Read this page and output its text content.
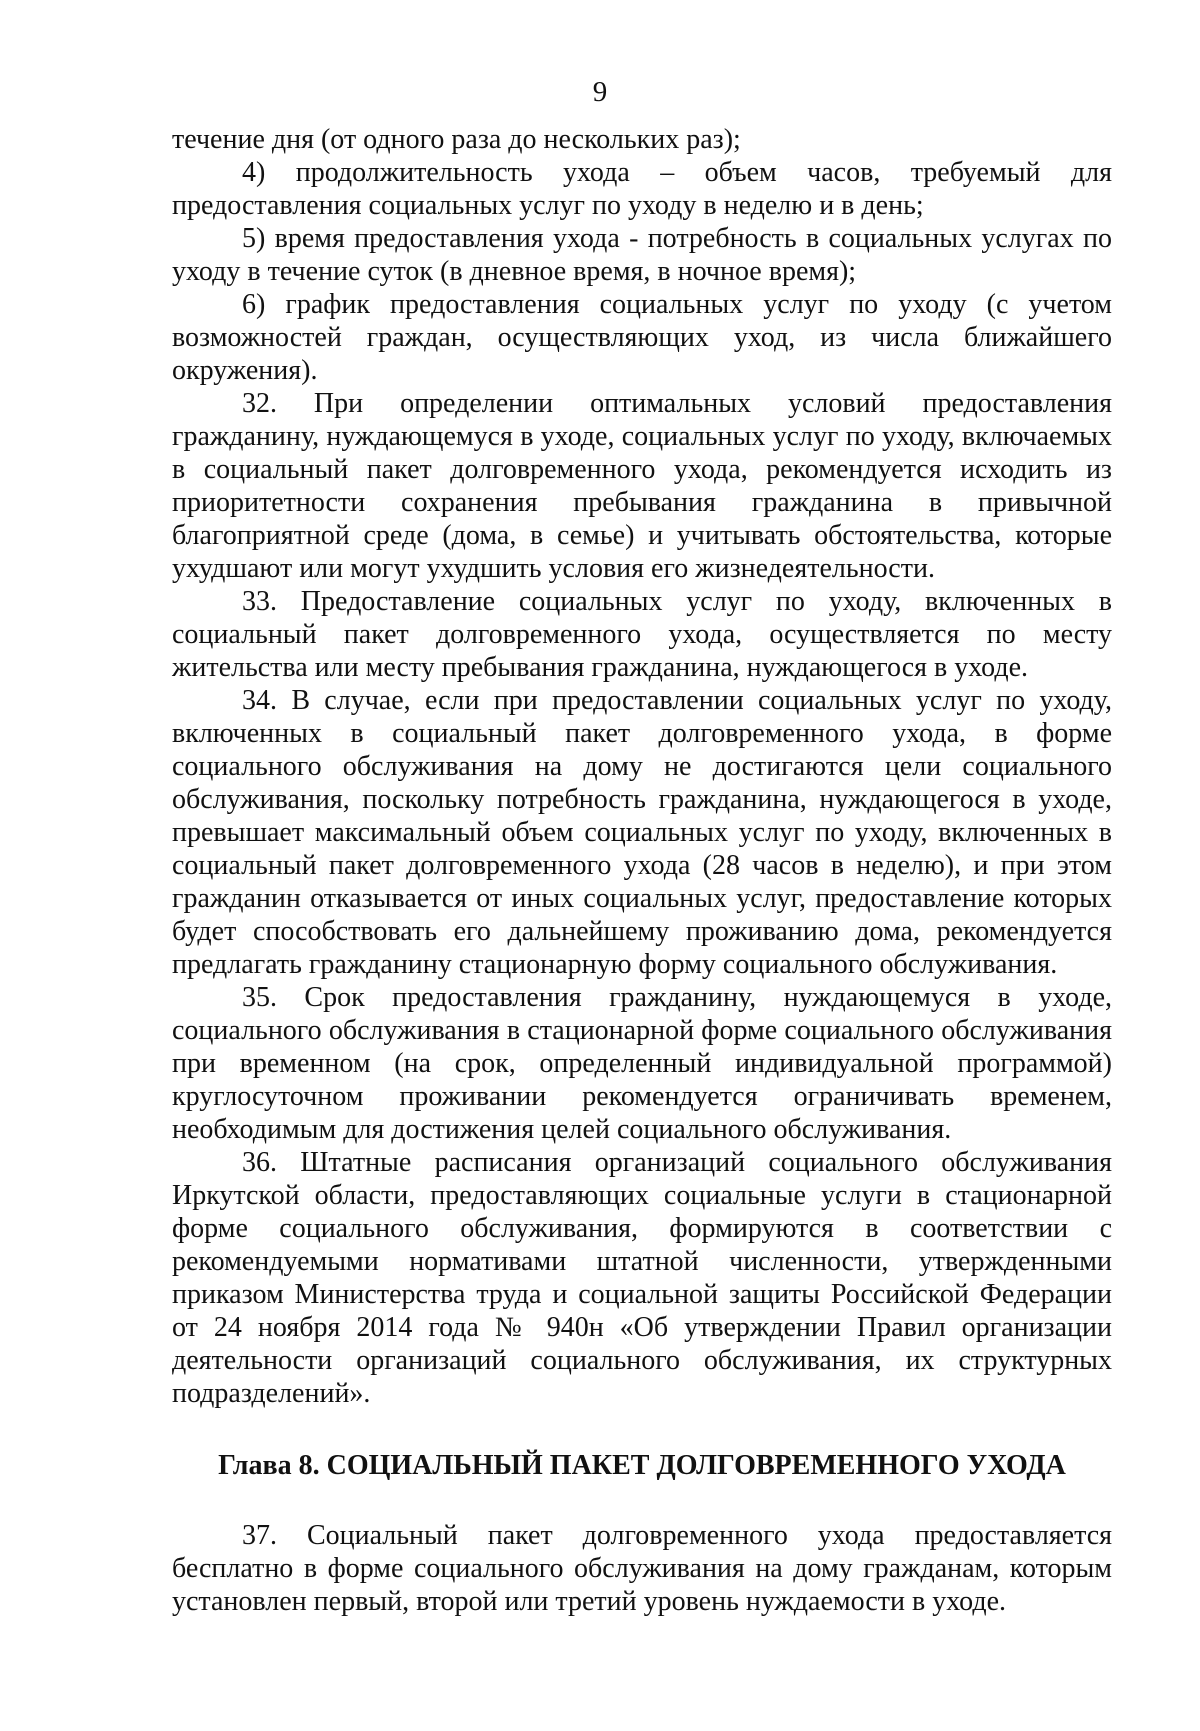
9

течение дня (от одного раза до нескольких раз);

4) продолжительность ухода – объем часов, требуемый для предоставления социальных услуг по уходу в неделю и в день;

5) время предоставления ухода - потребность в социальных услугах по уходу в течение суток (в дневное время, в ночное время);

6) график предоставления социальных услуг по уходу (с учетом возможностей граждан, осуществляющих уход, из числа ближайшего окружения).

32. При определении оптимальных условий предоставления гражданину, нуждающемуся в уходе, социальных услуг по уходу, включаемых в социальный пакет долговременного ухода, рекомендуется исходить из приоритетности сохранения пребывания гражданина в привычной благоприятной среде (дома, в семье) и учитывать обстоятельства, которые ухудшают или могут ухудшить условия его жизнедеятельности.

33. Предоставление социальных услуг по уходу, включенных в социальный пакет долговременного ухода, осуществляется по месту жительства или месту пребывания гражданина, нуждающегося в уходе.

34. В случае, если при предоставлении социальных услуг по уходу, включенных в социальный пакет долговременного ухода, в форме социального обслуживания на дому не достигаются цели социального обслуживания, поскольку потребность гражданина, нуждающегося в уходе, превышает максимальный объем социальных услуг по уходу, включенных в социальный пакет долговременного ухода (28 часов в неделю), и при этом гражданин отказывается от иных социальных услуг, предоставление которых будет способствовать его дальнейшему проживанию дома, рекомендуется предлагать гражданину стационарную форму социального обслуживания.

35. Срок предоставления гражданину, нуждающемуся в уходе, социального обслуживания в стационарной форме социального обслуживания при временном (на срок, определенный индивидуальной программой) круглосуточном проживании рекомендуется ограничивать временем, необходимым для достижения целей социального обслуживания.

36. Штатные расписания организаций социального обслуживания Иркутской области, предоставляющих социальные услуги в стационарной форме социального обслуживания, формируются в соответствии с рекомендуемыми нормативами штатной численности, утвержденными приказом Министерства труда и социальной защиты Российской Федерации от 24 ноября 2014 года № 940н «Об утверждении Правил организации деятельности организаций социального обслуживания, их структурных подразделений».

Глава 8. СОЦИАЛЬНЫЙ ПАКЕТ ДОЛГОВРЕМЕННОГО УХОДА

37. Социальный пакет долговременного ухода предоставляется бесплатно в форме социального обслуживания на дому гражданам, которым установлен первый, второй или третий уровень нуждаемости в уходе.
